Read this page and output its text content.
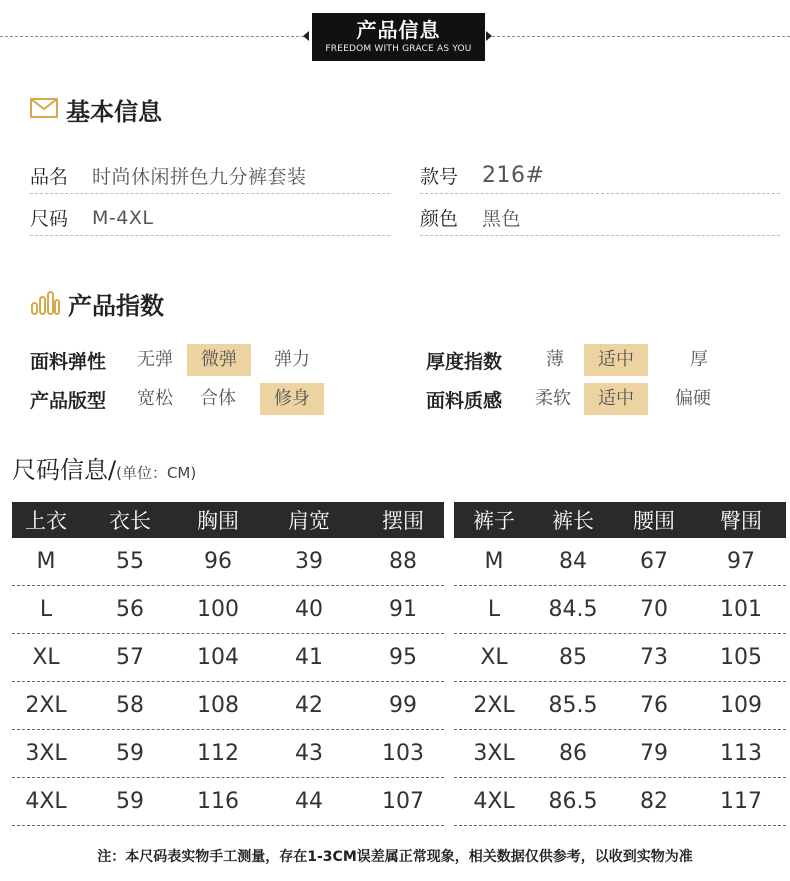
产品信息
FREEDOM WITH GRACE AS YOU
基本信息
品名	时尚休闲拼色九分裤套装	款号	216#
尺码	M-4XL	颜色	黑色
产品指数
面料弹性	无弹	微弹	弹力	厚度指数	薄	适中	厚
产品版型	宽松	合体	修身	面料质感	柔软	适中	偏硬
尺码信息/(单位：CM)
上衣	衣长	胸围	肩宽	摆围
M	55	96	39	88
L	56	100	40	91
XL	57	104	41	95
2XL	58	108	42	99
3XL	59	112	43	103
4XL	59	116	44	107
裤子	裤长	腰围	臀围
M	84	67	97
L	84.5	70	101
XL	85	73	105
2XL	85.5	76	109
3XL	86	79	113
4XL	86.5	82	117
注：本尺码表实物手工测量，存在1-3CM误差属正常现象，相关数据仅供参考，以收到实物为准
